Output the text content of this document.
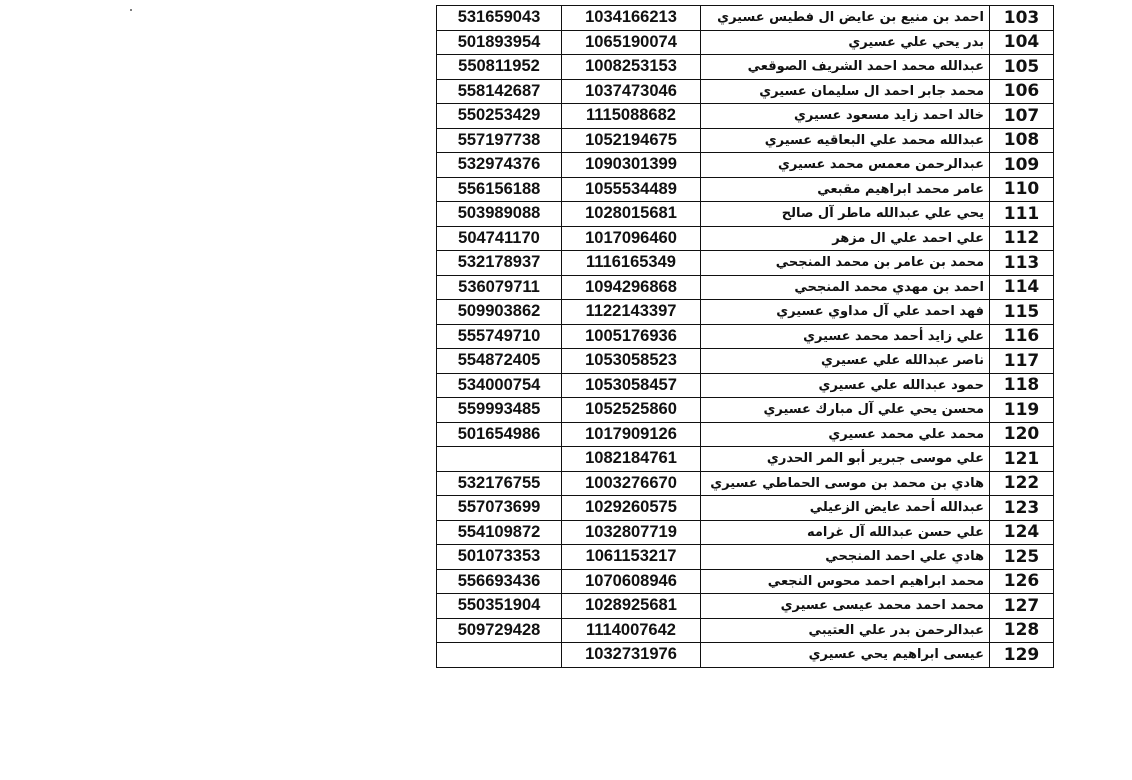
531659043	1034166213	احمد بن منيع بن عايض ال فطيس عسيري	103
501893954	1065190074	بدر يحي علي عسيري	104
550811952	1008253153	عبدالله محمد احمد الشريف الصوقعي	105
558142687	1037473046	محمد جابر احمد ال سليمان عسيري	106
550253429	1115088682	خالد احمد زايد مسعود عسيري	107
557197738	1052194675	عبدالله محمد علي البعاقيه عسيري	108
532974376	1090301399	عبدالرحمن معمس محمد عسيري	109
556156188	1055534489	عامر محمد ابراهيم مقبعي	110
503989088	1028015681	يحي علي عبدالله ماطر آل صالح	111
504741170	1017096460	علي احمد علي ال مزهر	112
532178937	1116165349	محمد بن عامر بن محمد المنجحي	113
536079711	1094296868	احمد بن مهدي محمد المنجحي	114
509903862	1122143397	فهد احمد علي آل مداوي عسيري	115
555749710	1005176936	علي زايد أحمد محمد عسيري	116
554872405	1053058523	ناصر عبدالله علي عسيري	117
534000754	1053058457	حمود عبدالله علي عسيري	118
559993485	1052525860	محسن يحي علي آل مبارك عسيري	119
501654986	1017909126	محمد علي محمد عسيري	120
	1082184761	علي موسى جبرير أبو المر الحدري	121
532176755	1003276670	هادي بن محمد بن موسى الحماطي عسيري	122
557073699	1029260575	عبدالله أحمد عايض الزعيلي	123
554109872	1032807719	علي حسن عبدالله آل غرامه	124
501073353	1061153217	هادي علي احمد المنجحي	125
556693436	1070608946	محمد ابراهيم احمد محوس النجعي	126
550351904	1028925681	محمد احمد محمد عيسى عسيري	127
509729428	1114007642	عبدالرحمن بدر علي العتيبي	128
	1032731976	عيسى ابراهيم يحي عسيري	129
